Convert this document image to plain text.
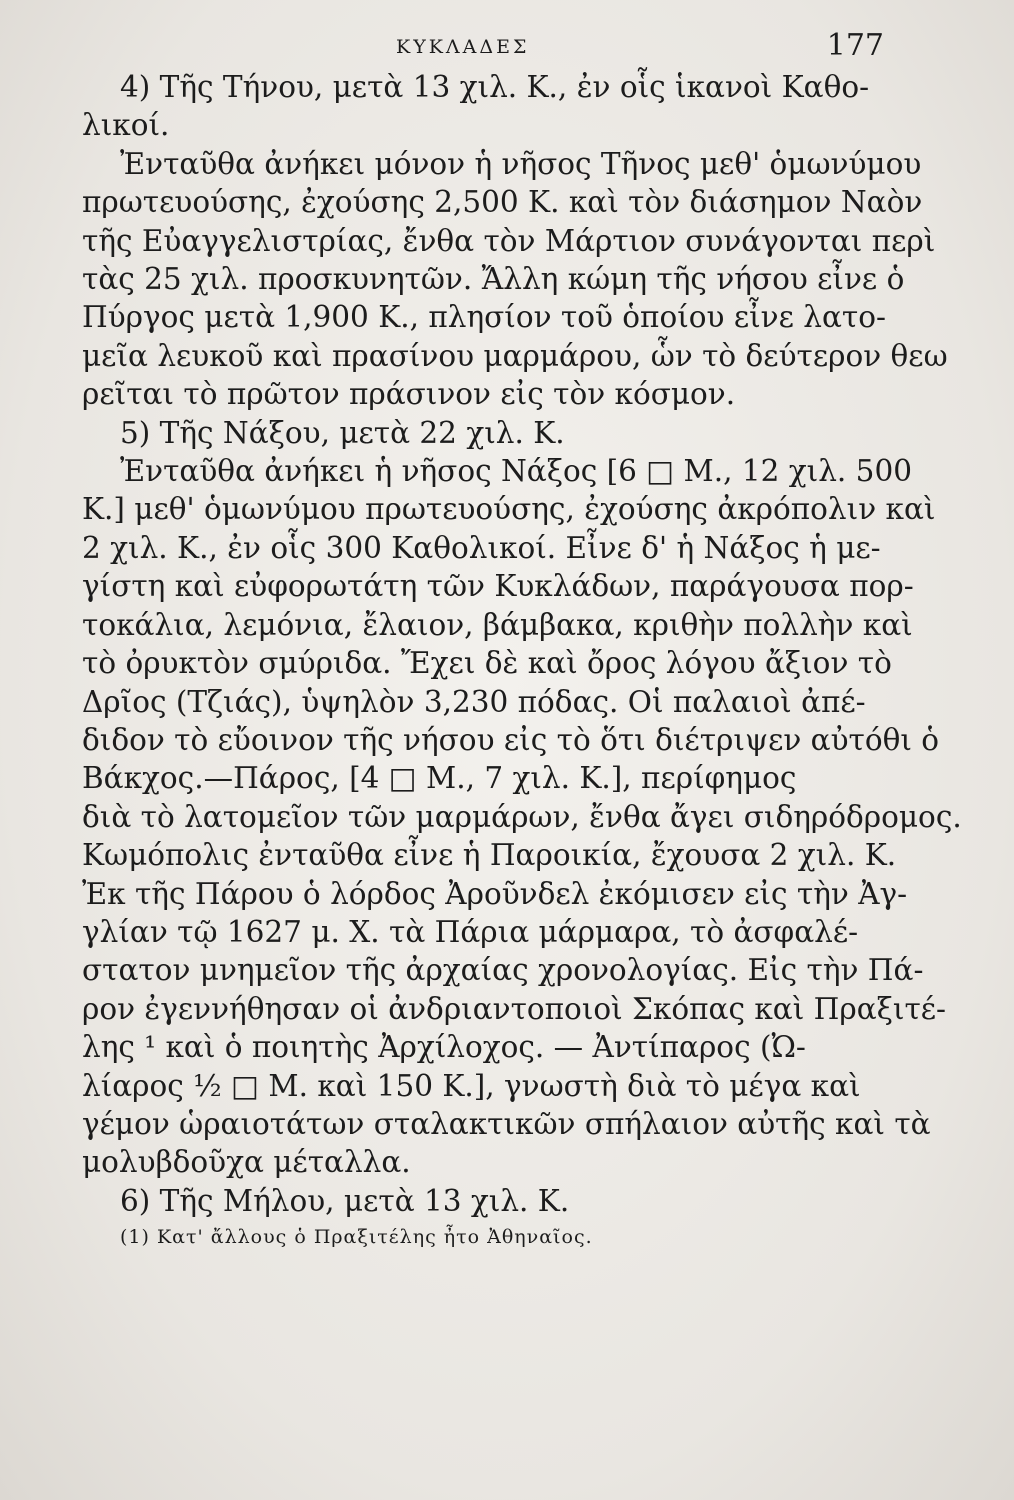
ΚΥΚΛΑΔΕΣ	177
4) Τῆς Τήνου, μετὰ 13 χιλ. Κ., ἐν οἷς ἱκανοὶ Καθο-
λικοί.
Ἐνταῦθα ἀνήκει μόνον ἡ νῆσος Τῆνος μεθ' ὁμωνύμου
πρωτευούσης, ἐχούσης 2,500 Κ. καὶ τὸν διάσημον Ναὸν
τῆς Εὐαγγελιστρίας, ἔνθα τὸν Μάρτιον συνάγονται περὶ
τὰς 25 χιλ. προσκυνητῶν. Ἄλλη κώμη τῆς νήσου εἶνε ὁ
Πύργος μετὰ 1,900 Κ., πλησίον τοῦ ὁποίου εἶνε λατο-
μεῖα λευκοῦ καὶ πρασίνου μαρμάρου, ὧν τὸ δεύτερον θεω
ρεῖται τὸ πρῶτον πράσινον εἰς τὸν κόσμον.
5) Τῆς Νάξου, μετὰ 22 χιλ. Κ.
Ἐνταῦθα ἀνήκει ἡ νῆσος Νάξος [6 □ Μ., 12 χιλ. 500
Κ.] μεθ' ὁμωνύμου πρωτευούσης, ἐχούσης ἀκρόπολιν καὶ
2 χιλ. Κ., ἐν οἷς 300 Καθολικοί. Εἶνε δ' ἡ Νάξος ἡ με-
γίστη καὶ εὐφορωτάτη τῶν Κυκλάδων, παράγουσα πορ-
τοκάλια, λεμόνια, ἔλαιον, βάμβακα, κριθὴν πολλὴν καὶ
τὸ ὀρυκτὸν σμύριδα. Ἔχει δὲ καὶ ὄρος λόγου ἄξιον τὸ
Δρῖος (Τζιάς), ὑψηλὸν 3,230 πόδας. Οἱ παλαιοὶ ἀπέ-
διδον τὸ εὔοινον τῆς νήσου εἰς τὸ ὅτι διέτριψεν αὐτόθι ὁ
Βάκχος.—Πάρος, [4 □ Μ., 7 χιλ. Κ.], περίφημος
διὰ τὸ λατομεῖον τῶν μαρμάρων, ἔνθα ἄγει σιδηρόδρομος.
Κωμόπολις ἐνταῦθα εἶνε ἡ Παροικία, ἔχουσα 2 χιλ. Κ.
Ἐκ τῆς Πάρου ὁ λόρδος Ἀροῦνδελ ἐκόμισεν εἰς τὴν Ἀγ-
γλίαν τῷ 1627 μ. Χ. τὰ Πάρια μάρμαρα, τὸ ἀσφαλέ-
στατον μνημεῖον τῆς ἀρχαίας χρονολογίας. Εἰς τὴν Πά-
ρον ἐγεννήθησαν οἱ ἀνδριαντοποιοὶ Σκόπας καὶ Πραξιτέ-
λης ¹ καὶ ὁ ποιητὴς Ἀρχίλοχος. — Ἀντίπαρος (Ὠ-
λίαρος ½ □ Μ. καὶ 150 Κ.], γνωστὴ διὰ τὸ μέγα καὶ
γέμον ὡραιοτάτων σταλακτικῶν σπήλαιον αὐτῆς καὶ τὰ
μολυβδοῦχα μέταλλα.
6) Τῆς Μήλου, μετὰ 13 χιλ. Κ.
(1) Κατ' ἄλλους ὁ Πραξιτέλης ἦτο Ἀθηναῖος.
